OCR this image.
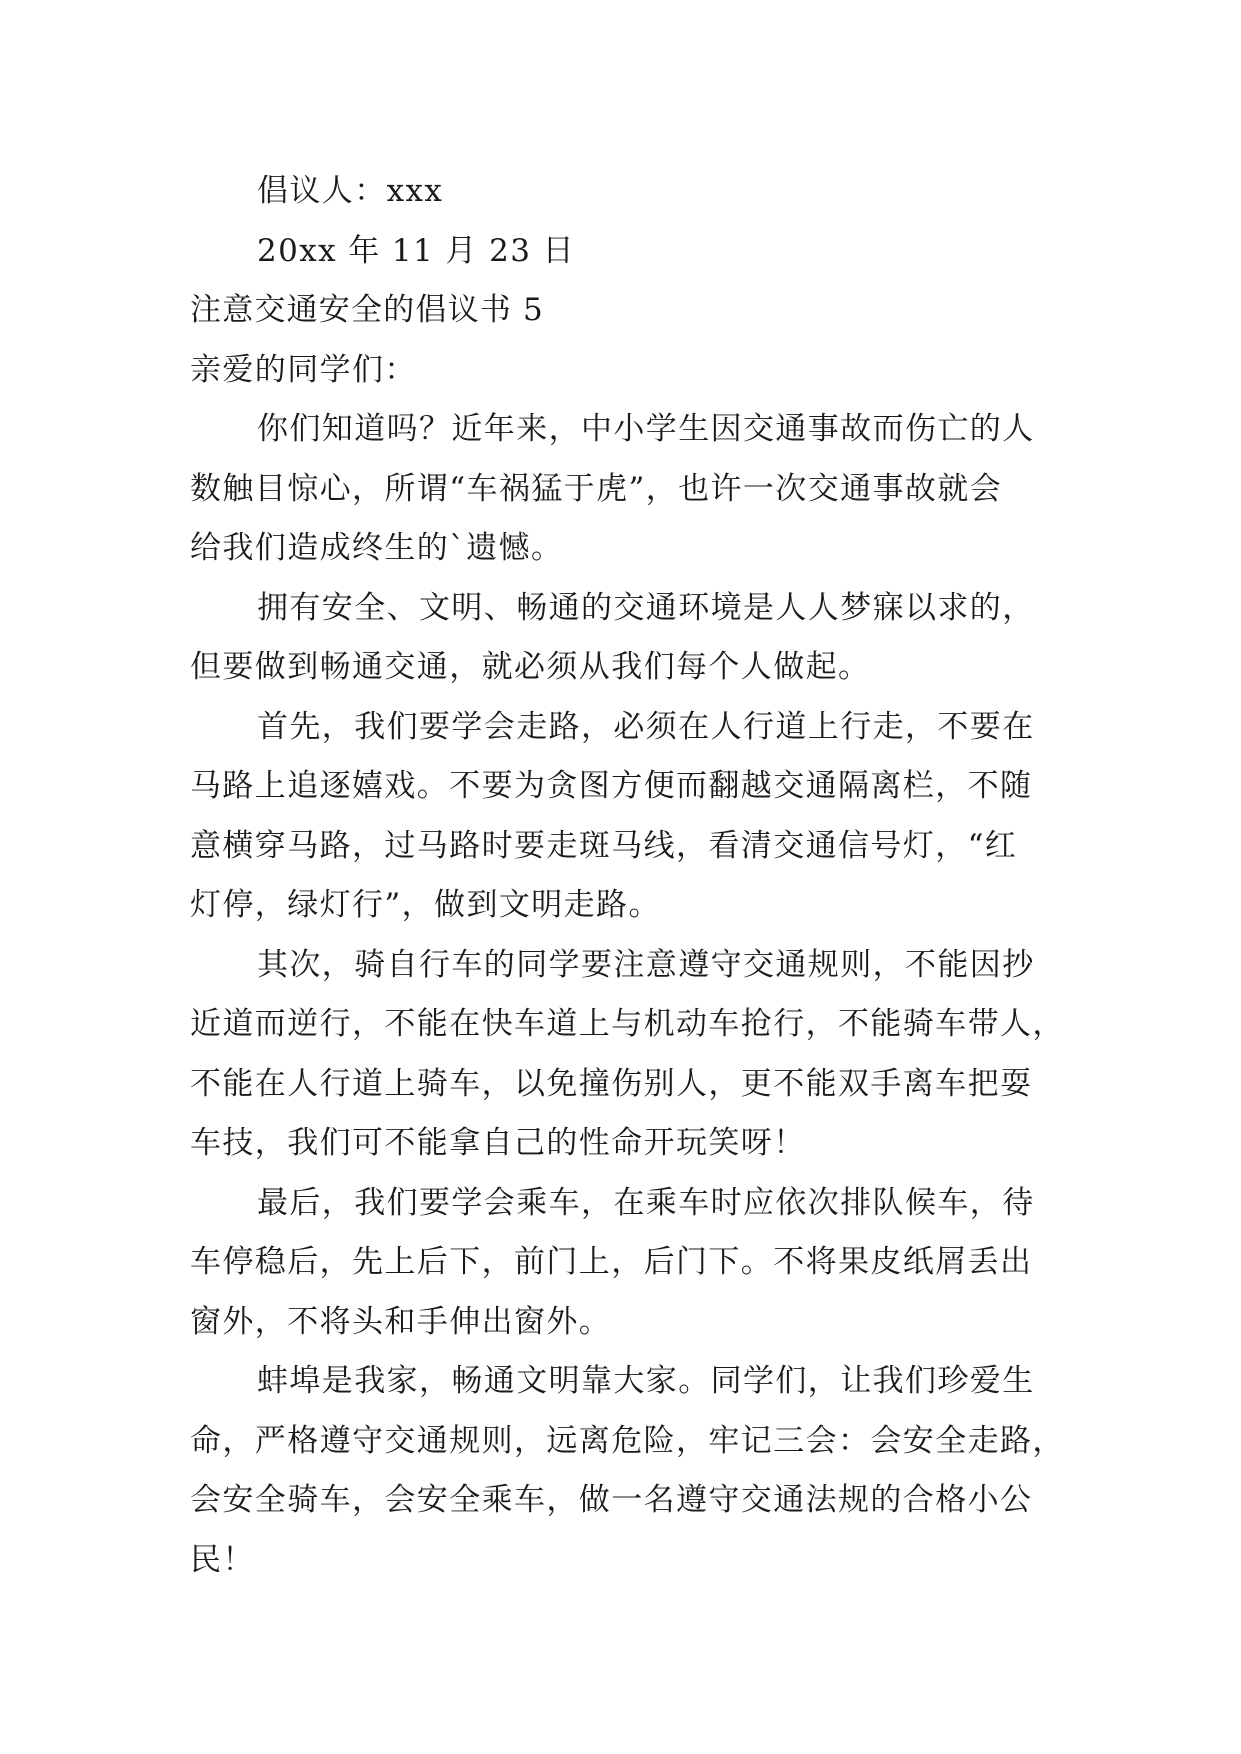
倡议人：xxx
20xx 年 11 月 23 日
注意交通安全的倡议书 5
亲爱的同学们：
你们知道吗？近年来，中小学生因交通事故而伤亡的人
数触目惊心，所谓“车祸猛于虎”，也许一次交通事故就会
给我们造成终生的`遗憾。
拥有安全、文明、畅通的交通环境是人人梦寐以求的，
但要做到畅通交通，就必须从我们每个人做起。
首先，我们要学会走路，必须在人行道上行走，不要在
马路上追逐嬉戏。不要为贪图方便而翻越交通隔离栏，不随
意横穿马路，过马路时要走斑马线，看清交通信号灯，“红
灯停，绿灯行”，做到文明走路。
其次，骑自行车的同学要注意遵守交通规则，不能因抄
近道而逆行，不能在快车道上与机动车抢行，不能骑车带人，
不能在人行道上骑车，以免撞伤别人，更不能双手离车把耍
车技，我们可不能拿自己的性命开玩笑呀！
最后，我们要学会乘车，在乘车时应依次排队候车，待
车停稳后，先上后下，前门上，后门下。不将果皮纸屑丢出
窗外，不将头和手伸出窗外。
蚌埠是我家，畅通文明靠大家。同学们，让我们珍爱生
命，严格遵守交通规则，远离危险，牢记三会：会安全走路，
会安全骑车，会安全乘车，做一名遵守交通法规的合格小公
民！
